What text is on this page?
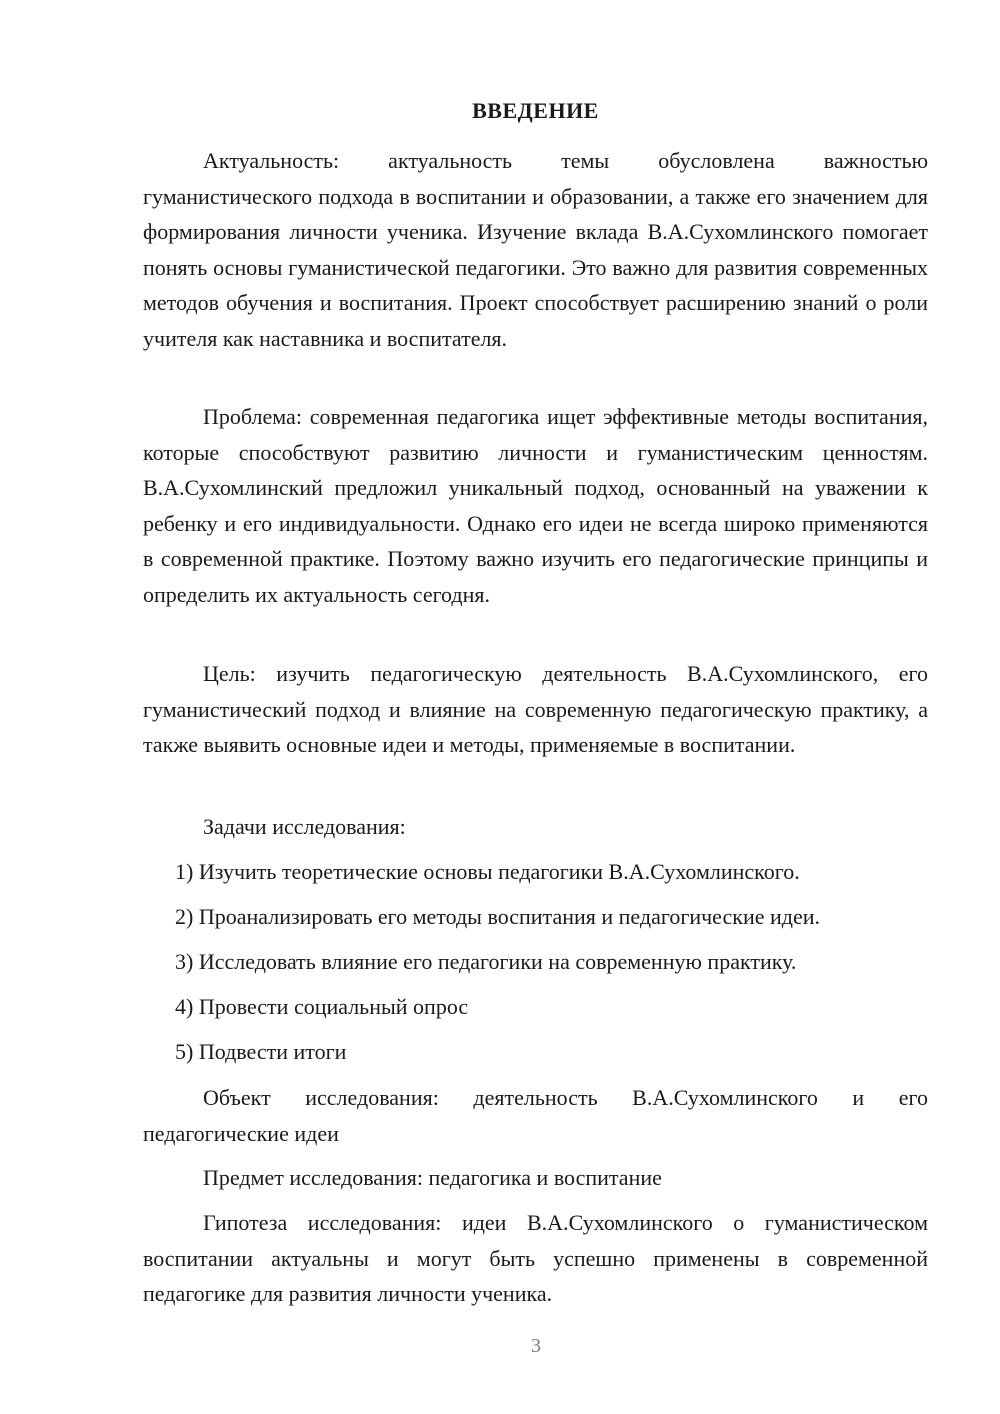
ВВЕДЕНИЕ

Актуальность: актуальность темы обусловлена важностью гуманистического подхода в воспитании и образовании, а также его значением для формирования личности ученика. Изучение вклада В.А.Сухомлинского помогает понять основы гуманистической педагогики. Это важно для развития современных методов обучения и воспитания. Проект способствует расширению знаний о роли учителя как наставника и воспитателя.

Проблема: современная педагогика ищет эффективные методы воспитания, которые способствуют развитию личности и гуманистическим ценностям. В.А.Сухомлинский предложил уникальный подход, основанный на уважении к ребенку и его индивидуальности. Однако его идеи не всегда широко применяются в современной практике. Поэтому важно изучить его педагогические принципы и определить их актуальность сегодня.

Цель: изучить педагогическую деятельность В.А.Сухомлинского, его гуманистический подход и влияние на современную педагогическую практику, а также выявить основные идеи и методы, применяемые в воспитании.

Задачи исследования:
1) Изучить теоретические основы педагогики В.А.Сухомлинского.
2) Проанализировать его методы воспитания и педагогические идеи.
3) Исследовать влияние его педагогики на современную практику.
4) Провести социальный опрос
5) Подвести итоги

Объект исследования: деятельность В.А.Сухомлинского и его педагогические идеи

Предмет исследования: педагогика и воспитание

Гипотеза исследования: идеи В.А.Сухомлинского о гуманистическом воспитании актуальны и могут быть успешно применены в современной педагогике для развития личности ученика.

3
